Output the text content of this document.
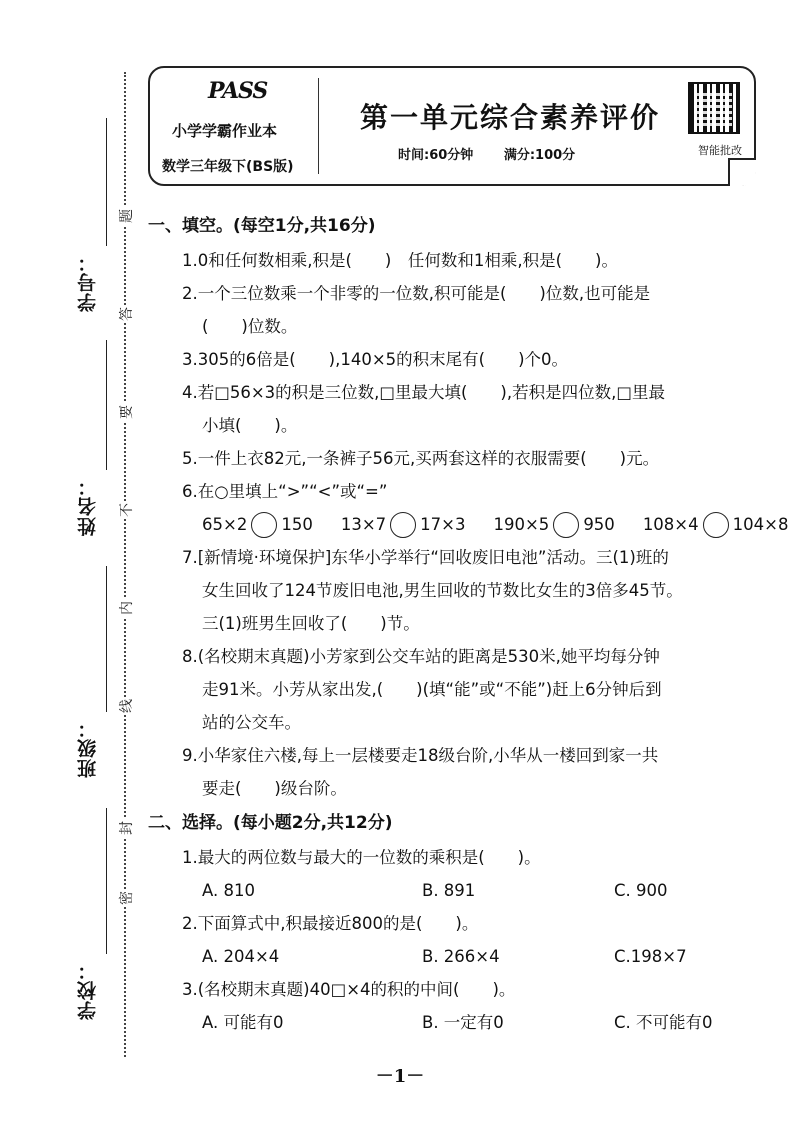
学号：
姓名：
班级：
学校：
题
答
要
不
内
线
封
密
PASS
小学学霸作业本
数学三年级下(BS版)
第一单元综合素养评价
时间:60分钟 满分:100分	智能批改
一、填空。(每空1分,共16分)
1.0和任何数相乘,积是(　　)　任何数和1相乘,积是(　　)。
2.一个三位数乘一个非零的一位数,积可能是(　　)位数,也可能是
(　　)位数。
3.305的6倍是(　　),140×5的积末尾有(　　)个0。
4.若□56×3的积是三位数,□里最大填(　　),若积是四位数,□里最
小填(　　)。
5.一件上衣82元,一条裤子56元,买两套这样的衣服需要(　　)元。
6.在○里填上“>”“<”或“=”
65×2 150 13×7 17×3 190×5 950 108×4 104×8
7.[新情境·环境保护]东华小学举行“回收废旧电池”活动。三(1)班的
女生回收了124节废旧电池,男生回收的节数比女生的3倍多45节。
三(1)班男生回收了(　　)节。
8.(名校期末真题)小芳家到公交车站的距离是530米,她平均每分钟
走91米。小芳从家出发,(　　)(填“能”或“不能”)赶上6分钟后到
站的公交车。
9.小华家住六楼,每上一层楼要走18级台阶,小华从一楼回到家一共
要走(　　)级台阶。
二、选择。(每小题2分,共12分)
1.最大的两位数与最大的一位数的乘积是(　　)。
A. 810	B. 891	C. 900
2.下面算式中,积最接近800的是(　　)。
A. 204×4	B. 266×4	C.198×7
3.(名校期末真题)40□×4的积的中间(　　)。
A. 可能有0	B. 一定有0	C. 不可能有0
－1－
